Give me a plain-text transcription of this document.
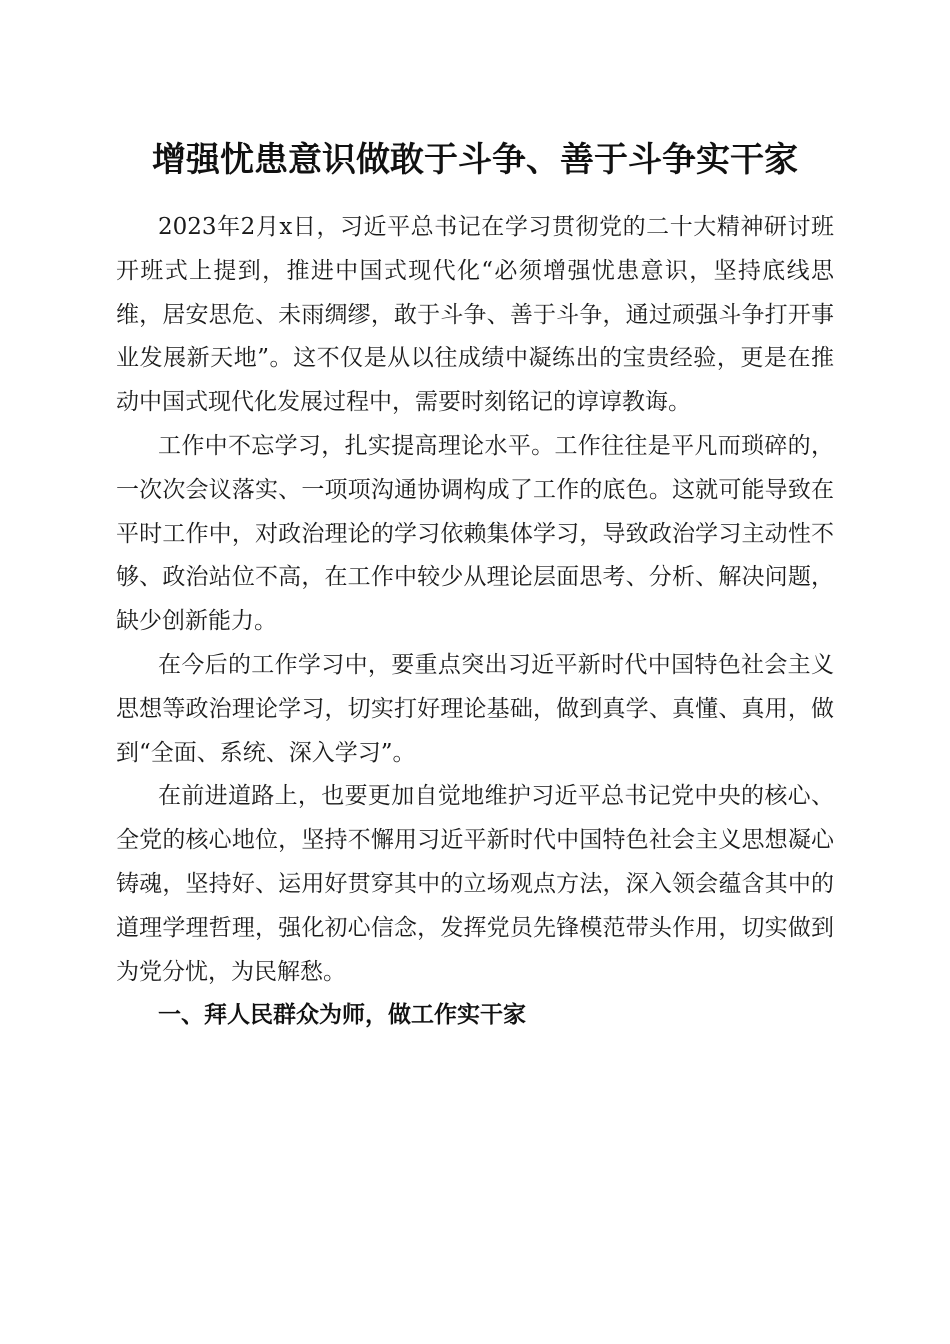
增强忧患意识做敢于斗争、善于斗争实干家

2023年2月x日，习近平总书记在学习贯彻党的二十大精神研讨班开班式上提到，推进中国式现代化“必须增强忧患意识，坚持底线思维，居安思危、未雨绸缪，敢于斗争、善于斗争，通过顽强斗争打开事业发展新天地”。这不仅是从以往成绩中凝练出的宝贵经验，更是在推动中国式现代化发展过程中，需要时刻铭记的谆谆教诲。

工作中不忘学习，扎实提高理论水平。工作往往是平凡而琐碎的，一次次会议落实、一项项沟通协调构成了工作的底色。这就可能导致在平时工作中，对政治理论的学习依赖集体学习，导致政治学习主动性不够、政治站位不高，在工作中较少从理论层面思考、分析、解决问题，缺少创新能力。

在今后的工作学习中，要重点突出习近平新时代中国特色社会主义思想等政治理论学习，切实打好理论基础，做到真学、真懂、真用，做到“全面、系统、深入学习”。

在前进道路上，也要更加自觉地维护习近平总书记党中央的核心、全党的核心地位，坚持不懈用习近平新时代中国特色社会主义思想凝心铸魂，坚持好、运用好贯穿其中的立场观点方法，深入领会蕴含其中的道理学理哲理，强化初心信念，发挥党员先锋模范带头作用，切实做到为党分忧，为民解愁。

一、拜人民群众为师，做工作实干家
